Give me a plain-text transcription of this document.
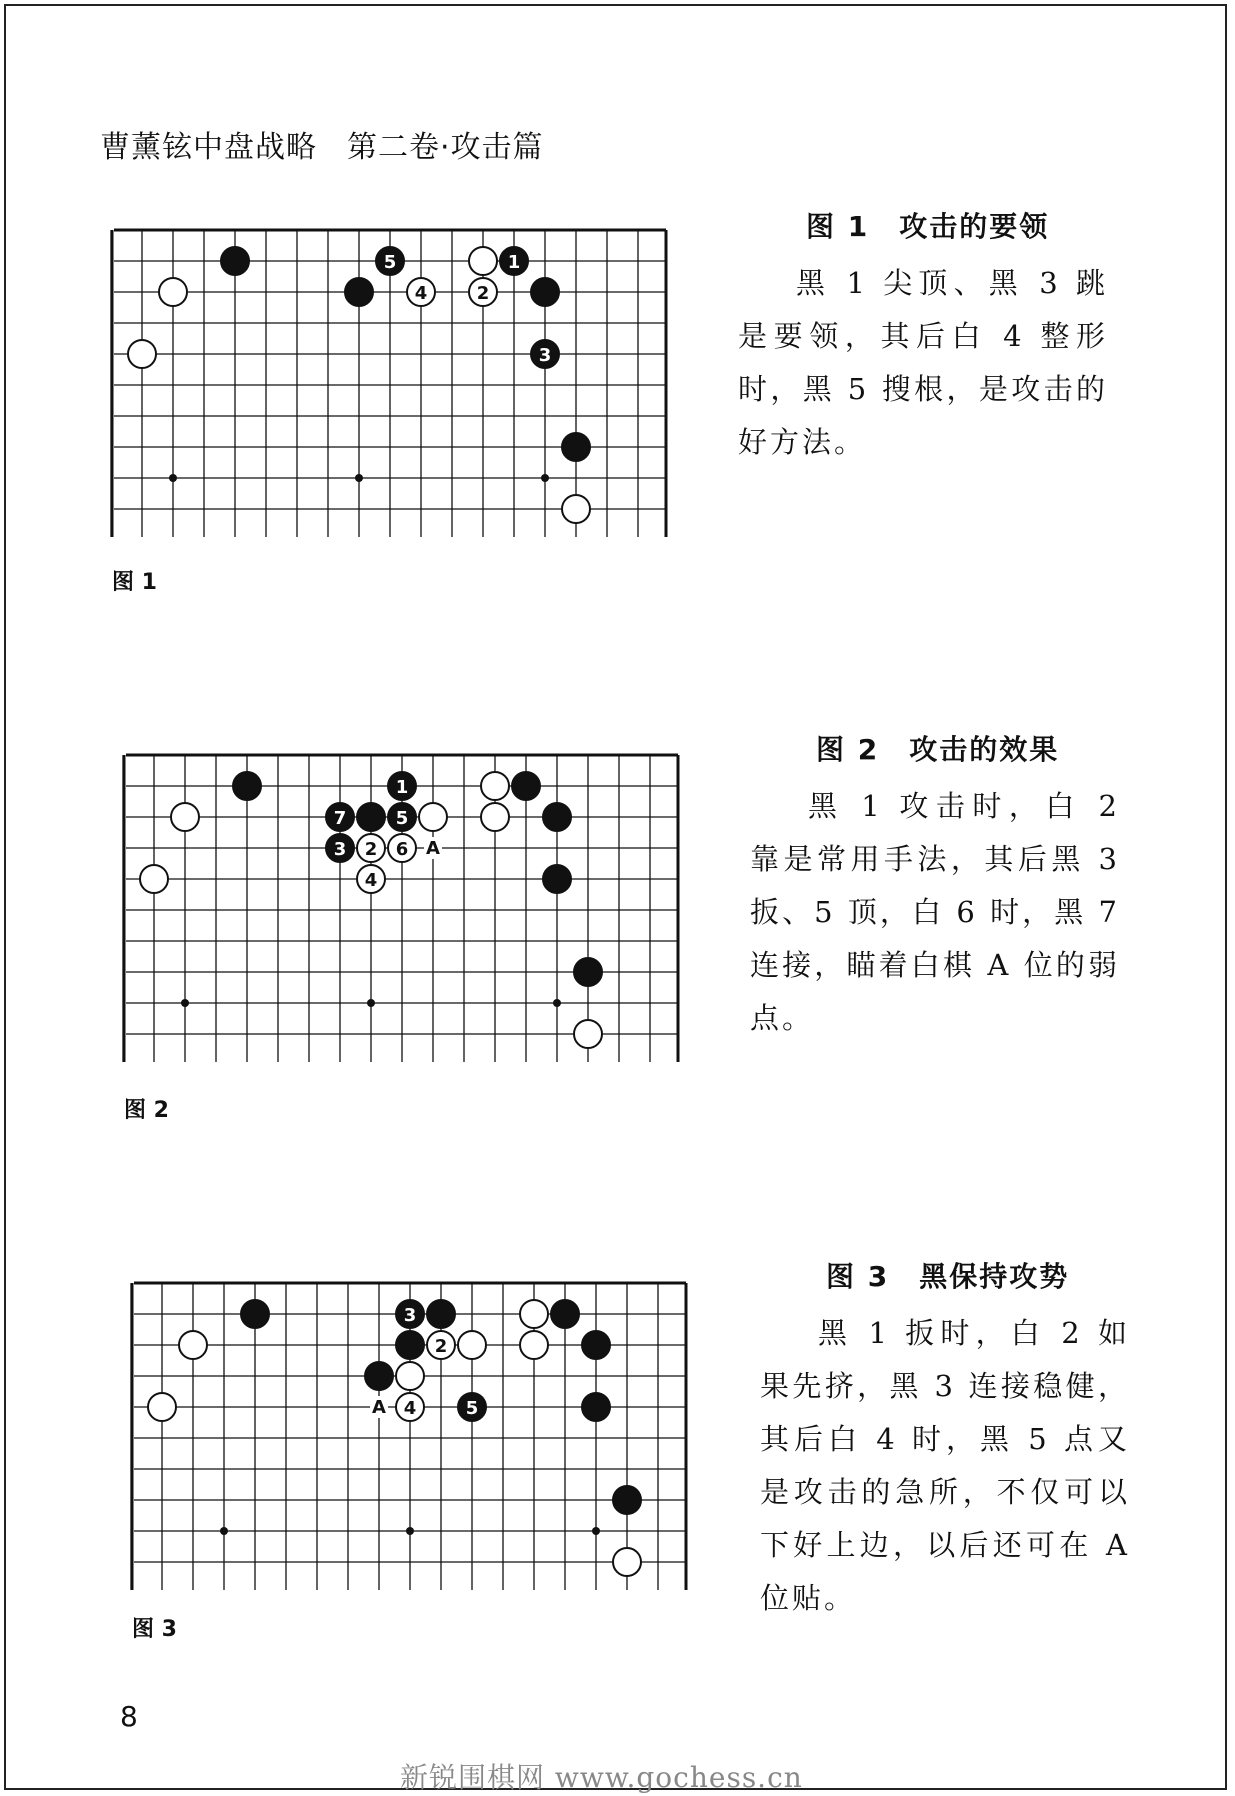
曹薰铉中盘战略 第二卷·攻击篇
5
4
1
2
3
图 1

图 1　攻击的要领

黑 1 尖顶、黑 3 跳是要领，其后白 4 整形时，黑 5 搜根，是攻击的好方法。

1
7	5
3 2 6
4
A
图 2

图 2　攻击的效果

黑 1 攻击时，白 2 靠是常用手法，其后黑 3 扳、5 顶，白 6 时，黑 7 连接，瞄着白棋 A 位的弱点。

3
2
4	5
A
图 3

图 3　黑保持攻势

黑 1 扳时，白 2 如果先挤，黑 3 连接稳健，其后白 4 时，黑 5 点又是攻击的急所，不仅可以下好上边，以后还可在 A 位贴。

8
新锐围棋网 www.gochess.cn
